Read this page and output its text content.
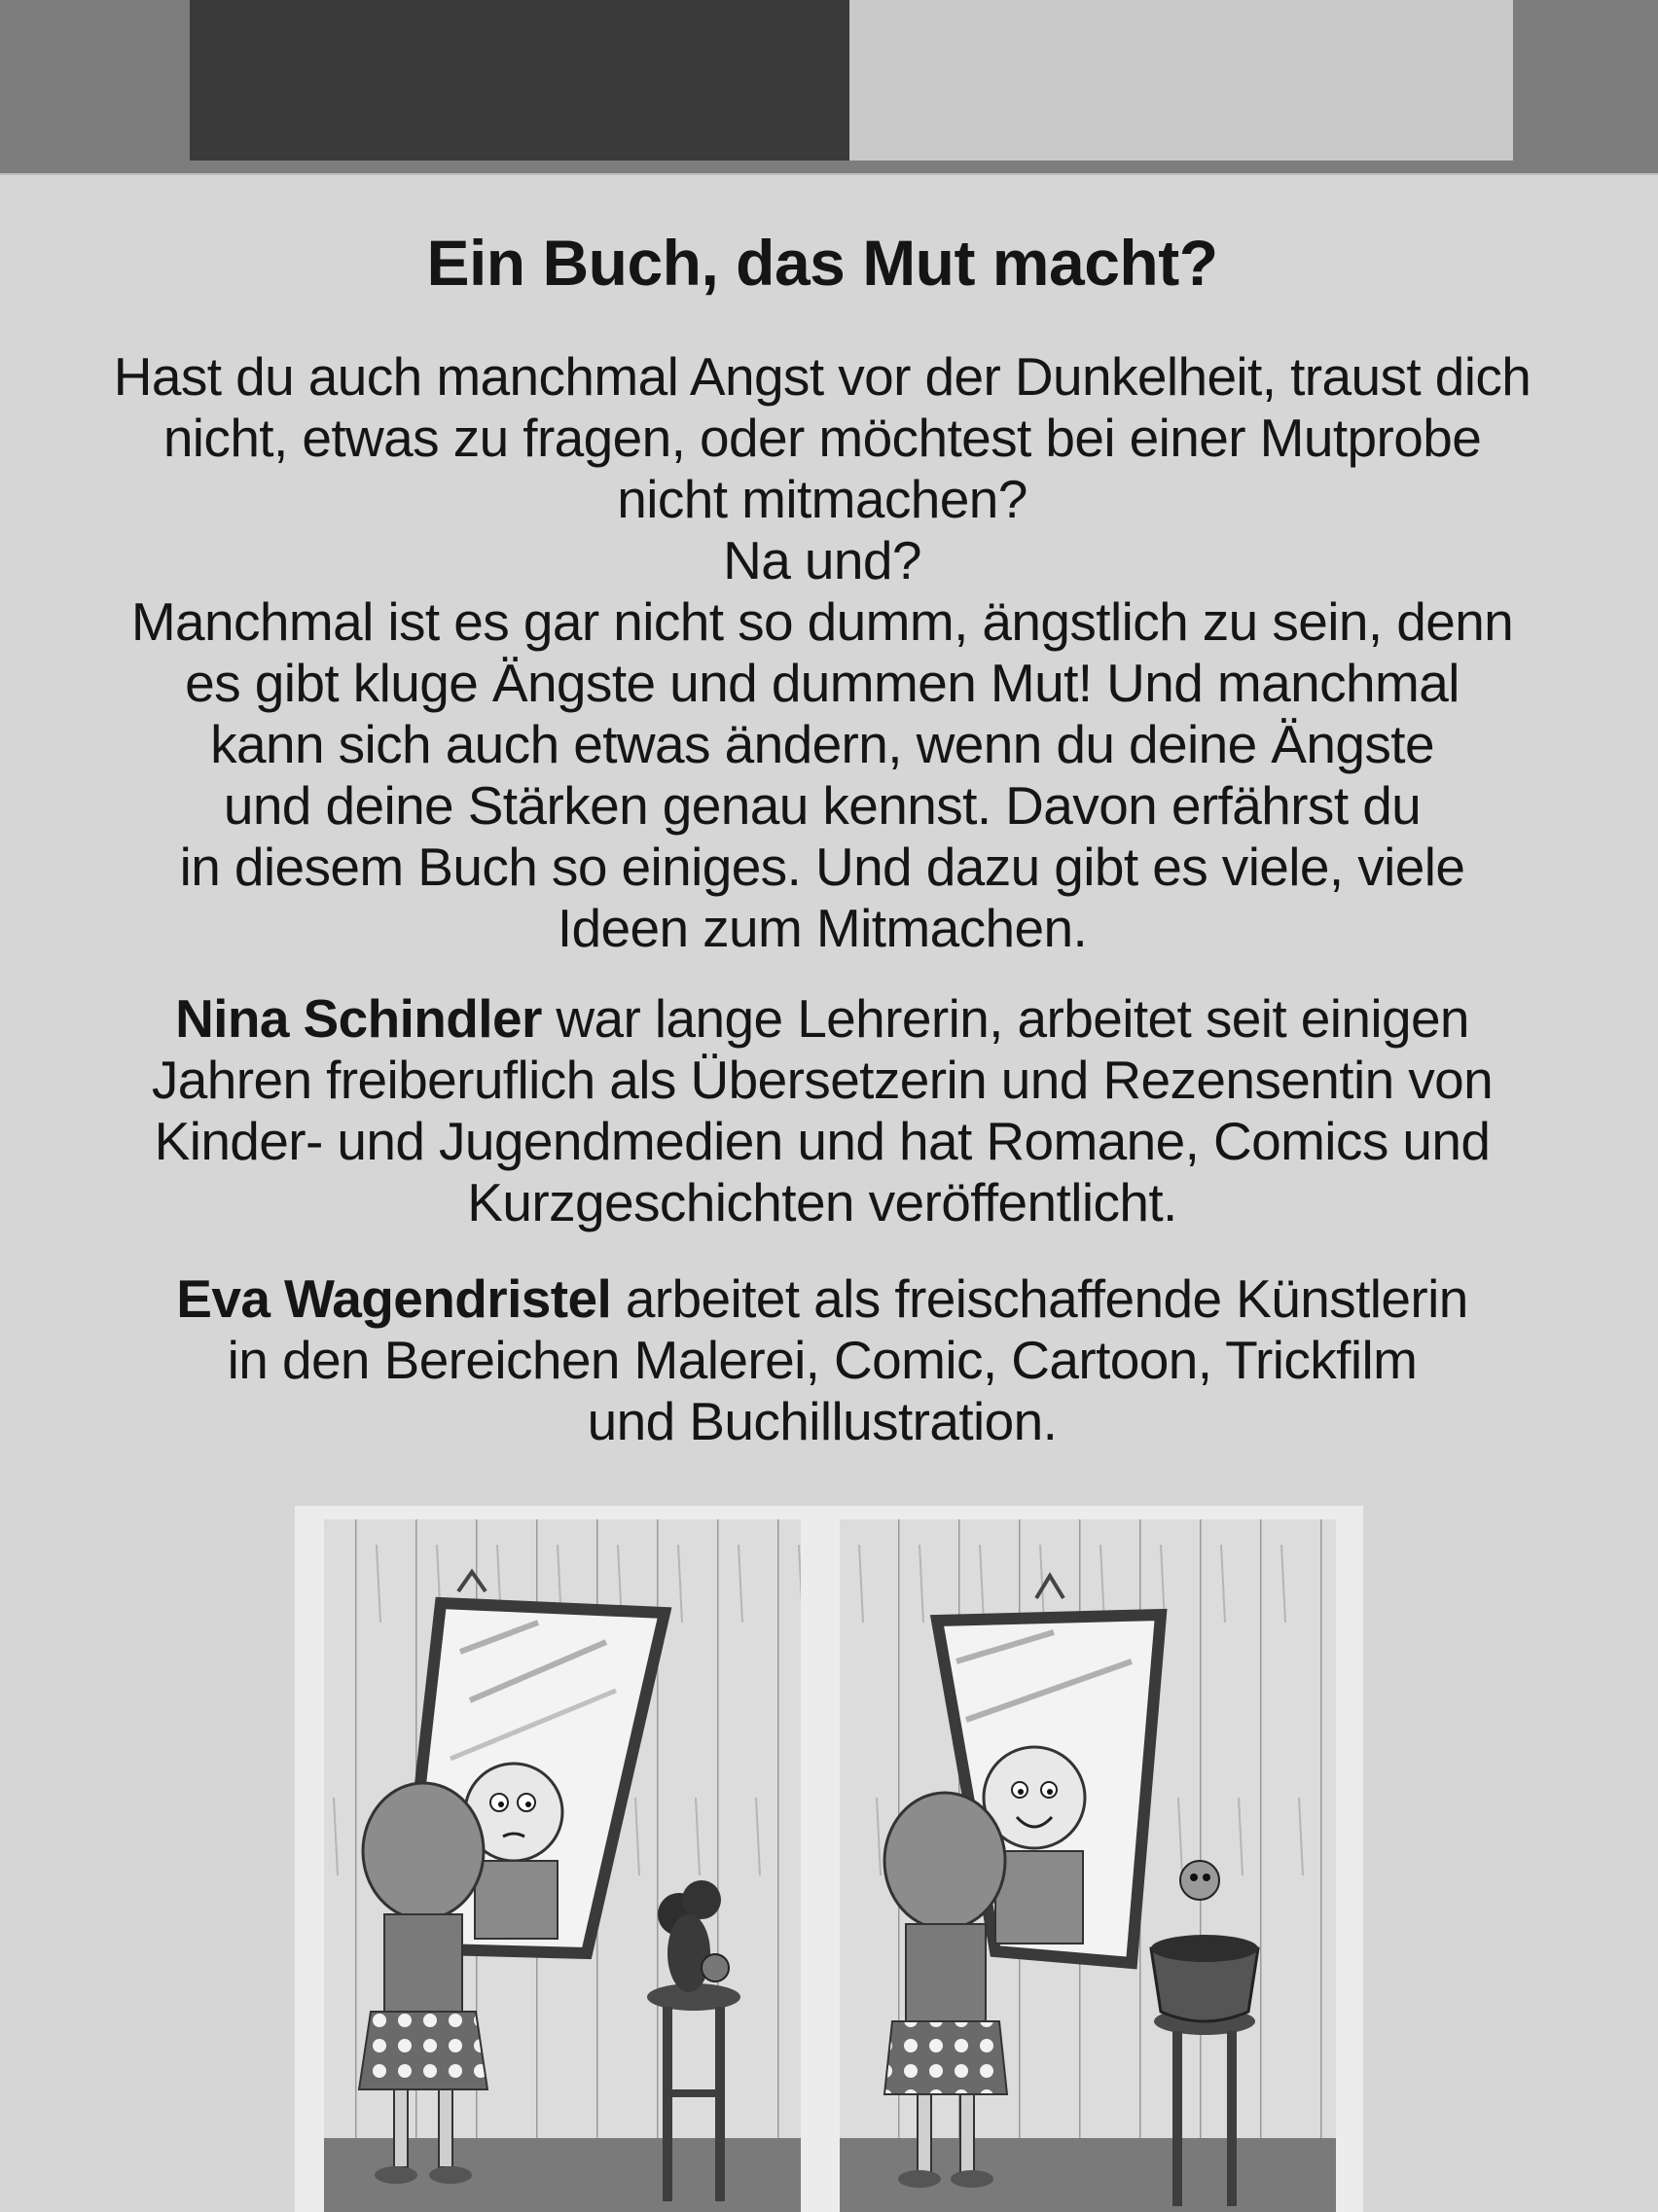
Ein Buch, das Mut macht?

Hast du auch manchmal Angst vor der Dunkelheit, traust dich
nicht, etwas zu fragen, oder möchtest bei einer Mutprobe
nicht mitmachen?
Na und?
Manchmal ist es gar nicht so dumm, ängstlich zu sein, denn
es gibt kluge Ängste und dummen Mut! Und manchmal
kann sich auch etwas ändern, wenn du deine Ängste
und deine Stärken genau kennst. Davon erfährst du
in diesem Buch so einiges. Und dazu gibt es viele, viele
Ideen zum Mitmachen.

Nina Schindler war lange Lehrerin, arbeitet seit einigen
Jahren freiberuflich als Übersetzerin und Rezensentin von
Kinder- und Jugendmedien und hat Romane, Comics und
Kurzgeschichten veröffentlicht.

Eva Wagendristel arbeitet als freischaffende Künstlerin
in den Bereichen Malerei, Comic, Cartoon, Trickfilm
und Buchillustration.
